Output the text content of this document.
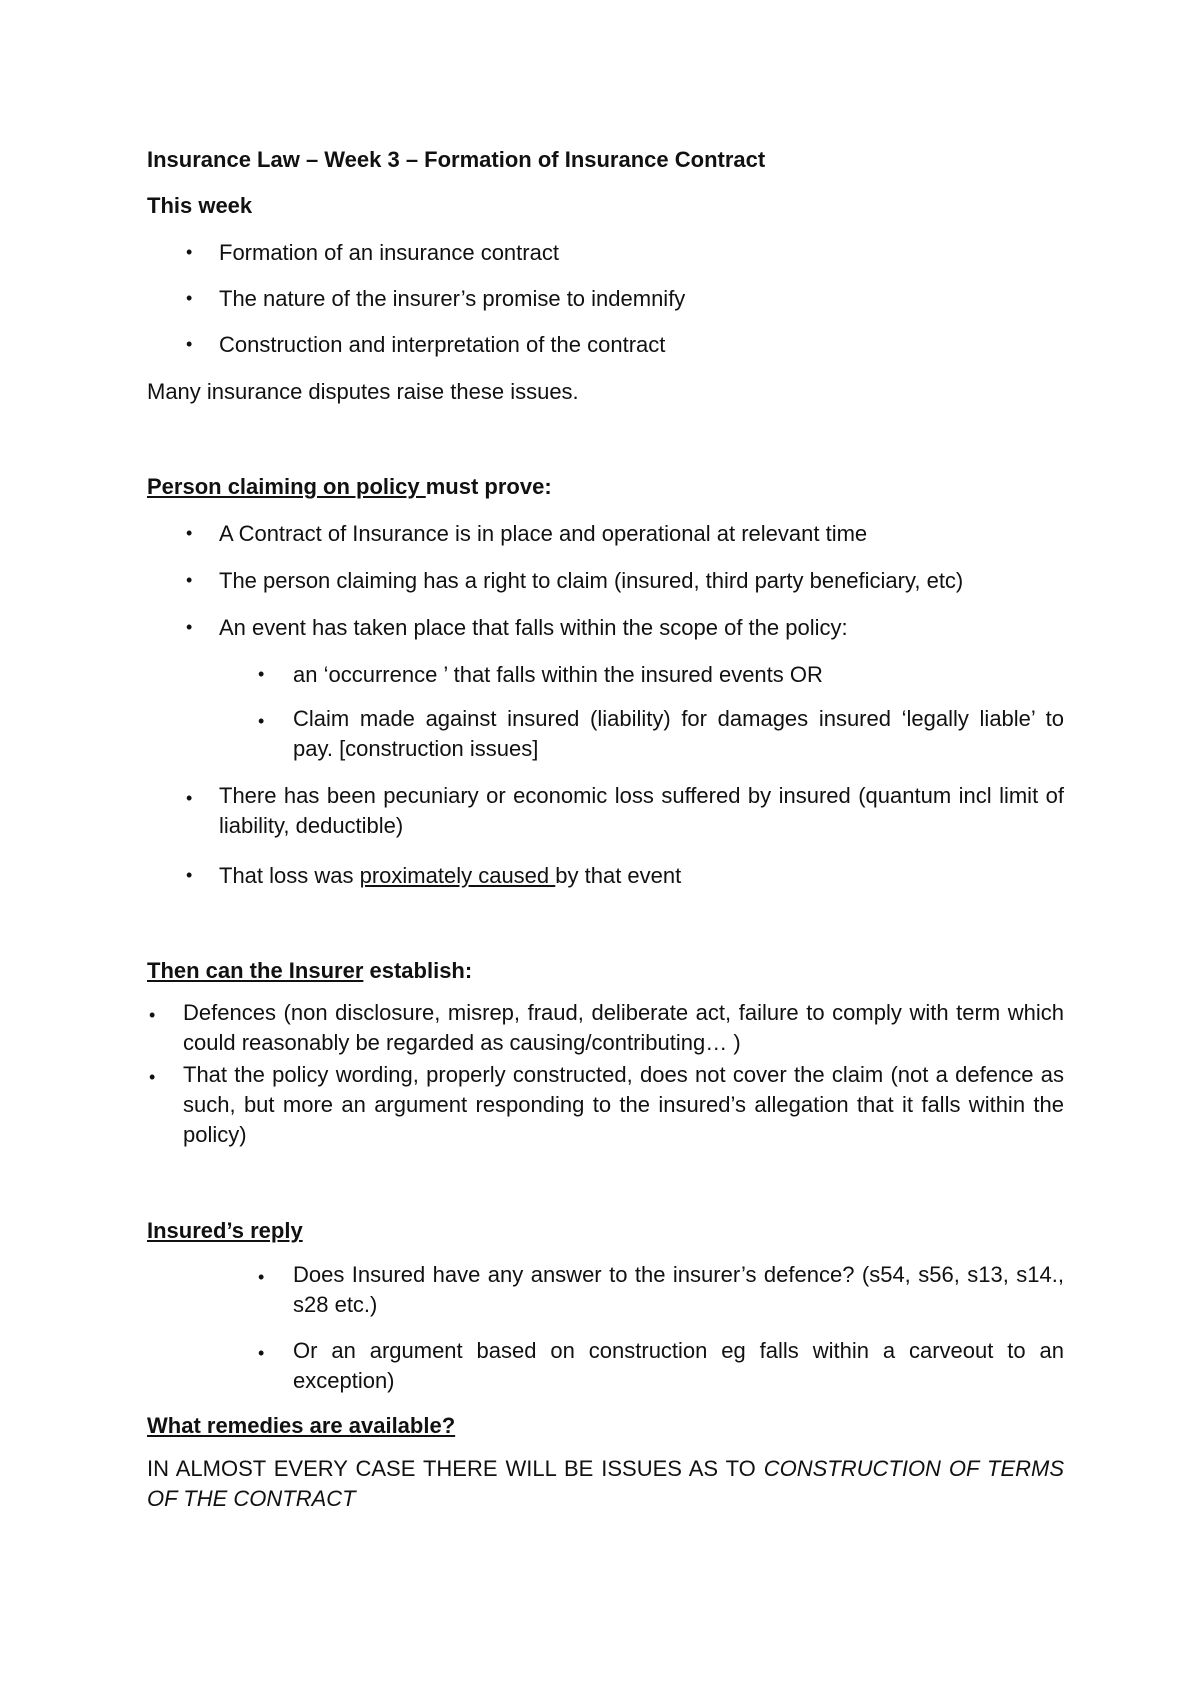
Insurance Law – Week 3 – Formation of Insurance Contract
This week
• Formation of an insurance contract
• The nature of the insurer’s promise to indemnify
• Construction and interpretation of the contract
Many insurance disputes raise these issues.
Person claiming on policy must prove:
• A Contract of Insurance is in place and operational at relevant time
• The person claiming has a right to claim (insured, third party beneficiary, etc)
• An event has taken place that falls within the scope of the policy:
• an ‘occurrence ’ that falls within the insured events OR
• Claim made against insured (liability) for damages insured ‘legally liable’ to pay. [construction issues]
• There has been pecuniary or economic loss suffered by insured (quantum incl limit of liability, deductible)
• That loss was proximately caused by that event
Then can the Insurer establish:
• Defences (non disclosure, misrep, fraud, deliberate act, failure to comply with term which could reasonably be regarded as causing/contributing… )
• That the policy wording, properly constructed, does not cover the claim (not a defence as such, but more an argument responding to the insured’s allegation that it falls within the policy)
Insured’s reply
• Does Insured have any answer to the insurer’s defence? (s54, s56, s13, s14., s28 etc.)
• Or an argument based on construction eg falls within a carveout to an exception)
What remedies are available?
IN ALMOST EVERY CASE THERE WILL BE ISSUES AS TO CONSTRUCTION OF TERMS OF THE CONTRACT
